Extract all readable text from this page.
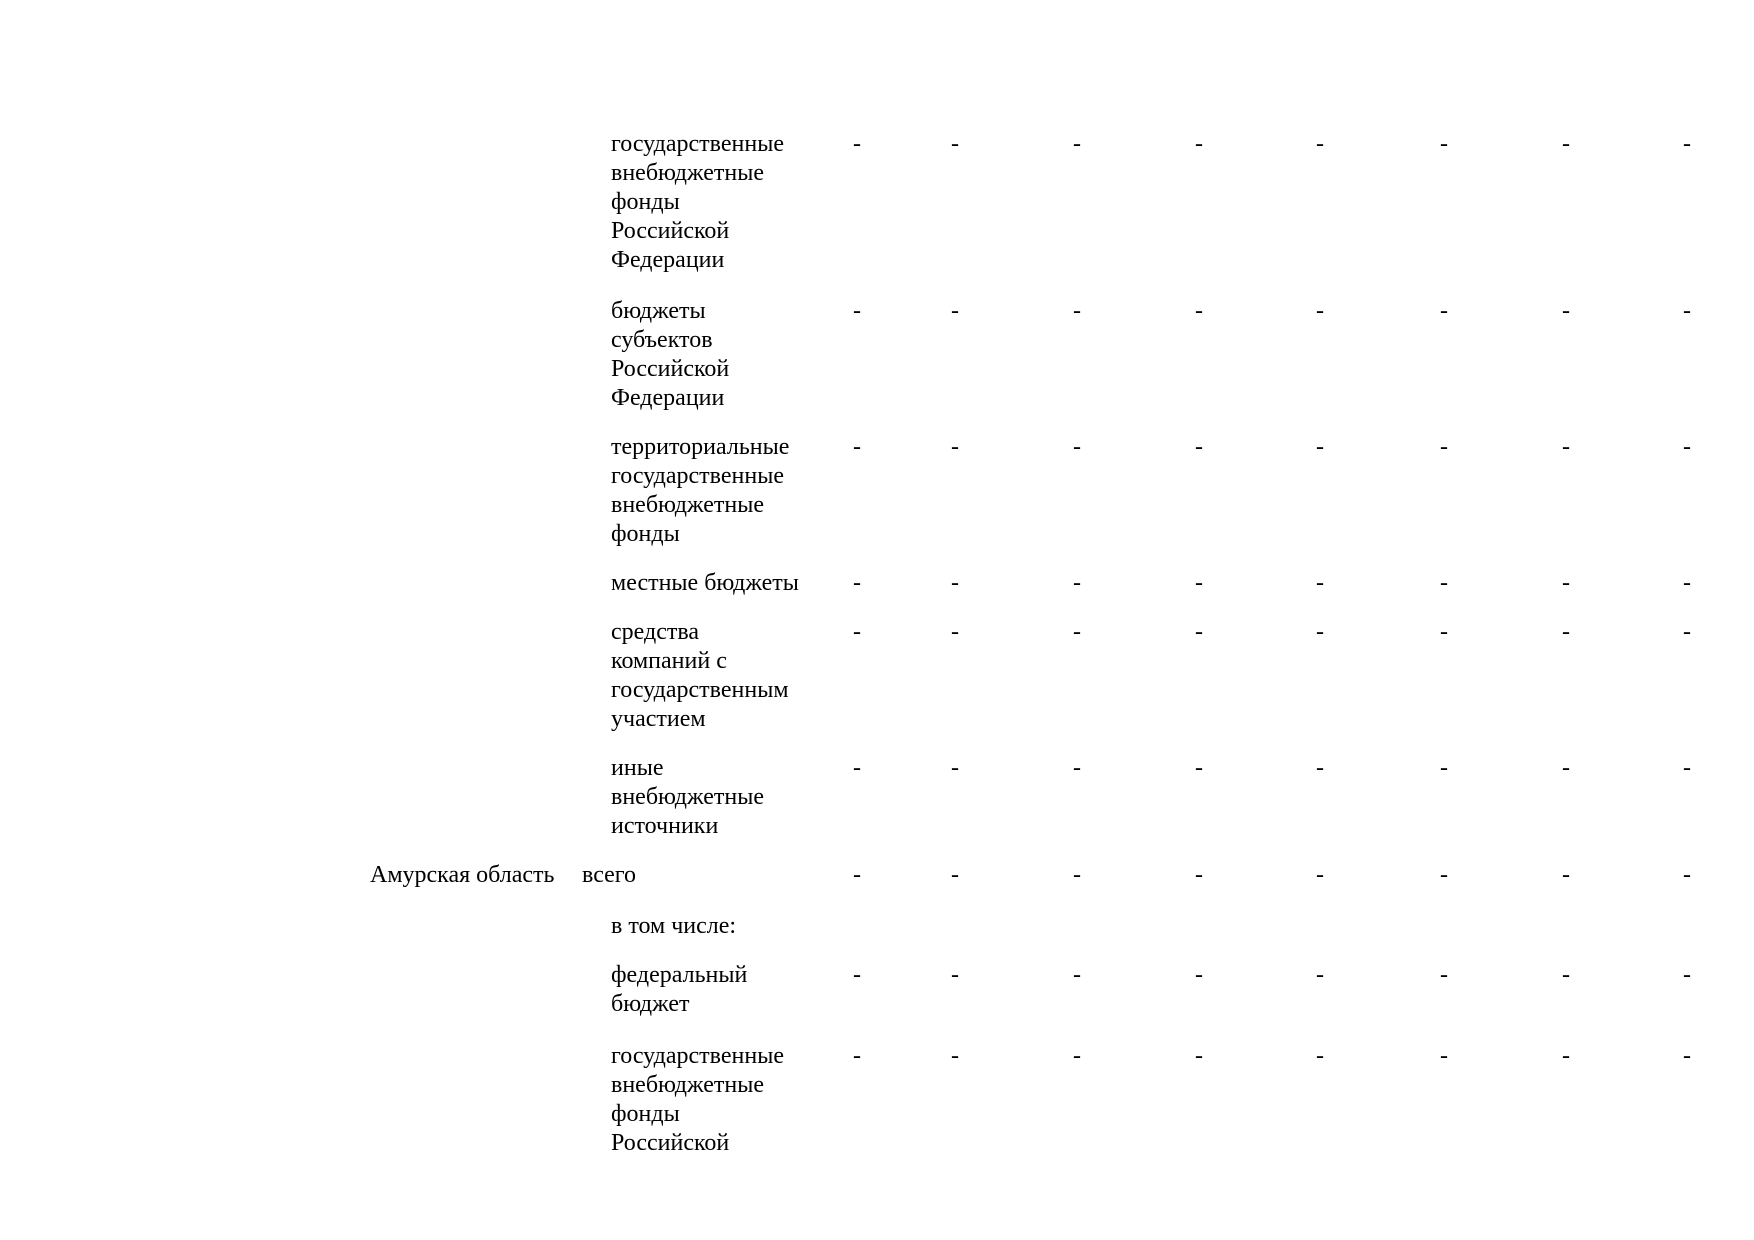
государственные
внебюджетные
фонды
Российской
Федерации
-	-	-	-	-	-	-	-
бюджеты
субъектов
Российской
Федерации
-	-	-	-	-	-	-	-
территориальные
государственные
внебюджетные
фонды
-	-	-	-	-	-	-	-
местные бюджеты	-	-	-	-	-	-	-	-
средства
компаний с
государственным
участием
-	-	-	-	-	-	-	-
иные
внебюджетные
источники
-	-	-	-	-	-	-	-
Амурская область всего	-	-	-	-	-	-	-	-
в том числе:
федеральный
бюджет
-	-	-	-	-	-	-	-
государственные
внебюджетные
фонды
Российской
-	-	-	-	-	-	-	-
